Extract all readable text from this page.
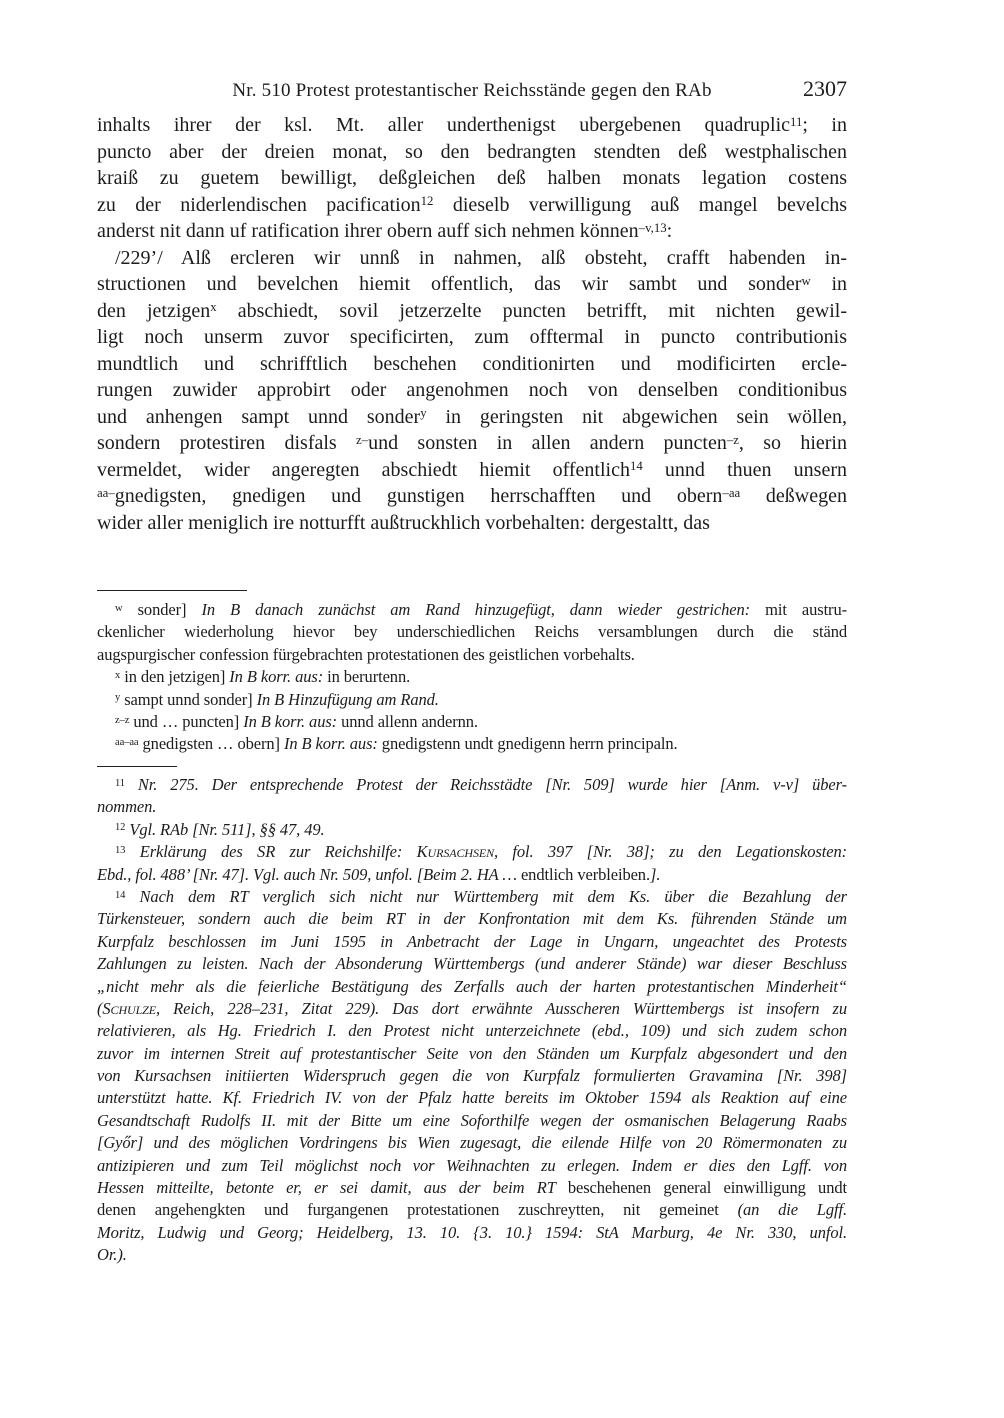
Nr. 510 Protest protestantischer Reichsstände gegen den RAb	2307
inhalts ihrer der ksl. Mt. aller underthenigst ubergebenen quadruplic$^{11}$; in
puncto aber der dreien monat, so den bedrangten stendten deß westphalischen
kraiß zu guetem bewilligt, deßgleichen deß halben monats legation costens
zu der niderlendischen pacification$^{12}$ dieselb verwilligung auß mangel bevelchs
anderst nit dann uf ratification ihrer obern auff sich nehmen können$^{-v,13}$:
/229’/ Alß ercleren wir unnß in nahmen, alß obsteht, crafft habenden in-
structionen und bevelchen hiemit offentlich, das wir sambt und sonder$^w$ in
den jetzigen$^x$ abschiedt, sovil jetzerzelte puncten betrifft, mit nichten gewil-
ligt noch unserm zuvor specificirten, zum offtermal in puncto contributionis
mundtlich und schrifftlich beschehen conditionirten und modificirten ercle-
rungen zuwider approbirt oder angenohmen noch von denselben conditionibus
und anhengen sampt unnd sonder$^y$ in geringsten nit abgewichen sein wöllen,
sondern protestiren disfals $^{z-}$und sonsten in allen andern puncten$^{-z}$, so hierin
vermeldet, wider angeregten abschiedt hiemit offentlich$^{14}$ unnd thuen unsern
$^{aa-}$gnedigsten, gnedigen und gunstigen herrschafften und obern$^{-aa}$ deßwegen
wider aller meniglich ire notturfft außtruckhlich vorbehalten: dergestaltt, das
$^w$ sonder] In B danach zunächst am Rand hinzugefügt, dann wieder gestrichen: mit austru-
ckenlicher wiederholung hievor bey underschiedlichen Reichs versamblungen durch die ständ
augspurgischer confession fürgebrachten protestationen des geistlichen vorbehalts.
$^x$ in den jetzigen] In B korr. aus: in berurtenn.
$^y$ sampt unnd sonder] In B Hinzufügung am Rand.
$^{z-z}$ und … puncten] In B korr. aus: unnd allenn andernn.
$^{aa-aa}$ gnedigsten … obern] In B korr. aus: gnedigstenn undt gnedigenn herrn principaln.
$^{11}$ Nr. 275. Der entsprechende Protest der Reichsstädte [Nr. 509] wurde hier [Anm. v-v] über-
nommen.
$^{12}$ Vgl. RAb [Nr. 511], §§ 47, 49.
$^{13}$ Erklärung des SR zur Reichshilfe: Kursachsen, fol. 397 [Nr. 38]; zu den Legationskosten:
Ebd., fol. 488’ [Nr. 47]. Vgl. auch Nr. 509, unfol. [Beim 2. HA … endtlich verbleiben.].
$^{14}$ Nach dem RT verglich sich nicht nur Württemberg mit dem Ks. über die Bezahlung der
Türkensteuer, sondern auch die beim RT in der Konfrontation mit dem Ks. führenden Stände um
Kurpfalz beschlossen im Juni 1595 in Anbetracht der Lage in Ungarn, ungeachtet des Protests
Zahlungen zu leisten. Nach der Absonderung Württembergs (und anderer Stände) war dieser Beschluss
„nicht mehr als die feierliche Bestätigung des Zerfalls auch der harten protestantischen Minderheit“
(Schulze, Reich, 228–231, Zitat 229). Das dort erwähnte Ausscheren Württembergs ist insofern zu
relativieren, als Hg. Friedrich I. den Protest nicht unterzeichnete (ebd., 109) und sich zudem schon
zuvor im internen Streit auf protestantischer Seite von den Ständen um Kurpfalz abgesondert und den
von Kursachsen initiierten Widerspruch gegen die von Kurpfalz formulierten Gravamina [Nr. 398]
unterstützt hatte. Kf. Friedrich IV. von der Pfalz hatte bereits im Oktober 1594 als Reaktion auf eine
Gesandtschaft Rudolfs II. mit der Bitte um eine Soforthilfe wegen der osmanischen Belagerung Raabs
[Győr] und des möglichen Vordringens bis Wien zugesagt, die eilende Hilfe von 20 Römermonaten zu
antizipieren und zum Teil möglichst noch vor Weihnachten zu erlegen. Indem er dies den Lgff. von
Hessen mitteilte, betonte er, er sei damit, aus der beim RT beschehenen general einwilligung undt
denen angehengkten und furgangenen protestationen zuschreytten, nit gemeinet (an die Lgff.
Moritz, Ludwig und Georg; Heidelberg, 13. 10. {3. 10.} 1594: StA Marburg, 4e Nr. 330, unfol.
Or.).
